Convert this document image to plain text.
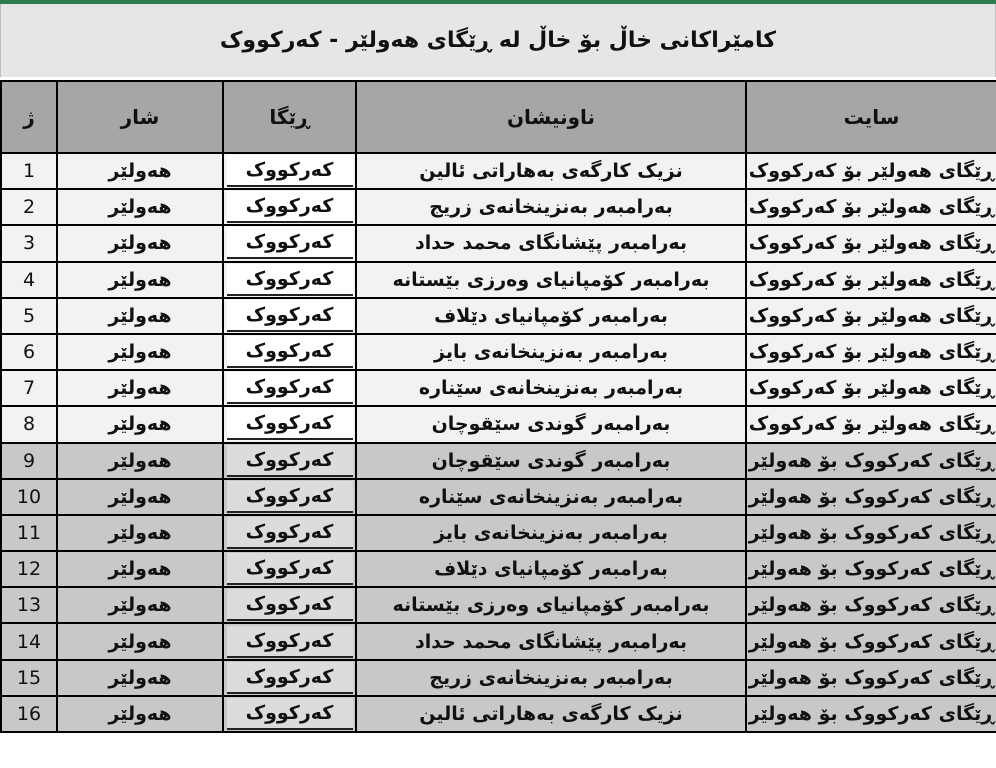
کامێراکانی خاڵ بۆ خاڵ لە ڕێگای هەولێر - کەرکووک
ژ	شار	ڕێگا	ناونیشان	سایت
1	هەولێر	کەرکووک	نزیک کارگەی بەهاراتی ئالین	ڕێگای هەولێر بۆ کەرکووک
2	هەولێر	کەرکووک	بەرامبەر بەنزینخانەی زریج	ڕێگای هەولێر بۆ کەرکووک
3	هەولێر	کەرکووک	بەرامبەر پێشانگای محمد حداد	ڕێگای هەولێر بۆ کەرکووک
4	هەولێر	کەرکووک	بەرامبەر کۆمپانیای وەرزی بێستانە	ڕێگای هەولێر بۆ کەرکووک
5	هەولێر	کەرکووک	بەرامبەر کۆمپانیای دێلاف	ڕێگای هەولێر بۆ کەرکووک
6	هەولێر	کەرکووک	بەرامبەر بەنزینخانەی بایز	ڕێگای هەولێر بۆ کەرکووک
7	هەولێر	کەرکووک	بەرامبەر بەنزینخانەی سێنارە	ڕێگای هەولێر بۆ کەرکووک
8	هەولێر	کەرکووک	بەرامبەر گوندی سێقوچان	ڕێگای هەولێر بۆ کەرکووک
9	هەولێر	کەرکووک	بەرامبەر گوندی سێقوچان	ڕێگای کەرکووک بۆ هەولێر
10	هەولێر	کەرکووک	بەرامبەر بەنزینخانەی سێنارە	ڕێگای کەرکووک بۆ هەولێر
11	هەولێر	کەرکووک	بەرامبەر بەنزینخانەی بایز	ڕێگای کەرکووک بۆ هەولێر
12	هەولێر	کەرکووک	بەرامبەر کۆمپانیای دێلاف	ڕێگای کەرکووک بۆ هەولێر
13	هەولێر	کەرکووک	بەرامبەر کۆمپانیای وەرزی بێستانە	ڕێگای کەرکووک بۆ هەولێر
14	هەولێر	کەرکووک	بەرامبەر پێشانگای محمد حداد	ڕێگای کەرکووک بۆ هەولێر
15	هەولێر	کەرکووک	بەرامبەر بەنزینخانەی زریج	ڕێگای کەرکووک بۆ هەولێر
16	هەولێر	کەرکووک	نزیک کارگەی بەهاراتی ئالین	ڕێگای کەرکووک بۆ هەولێر
